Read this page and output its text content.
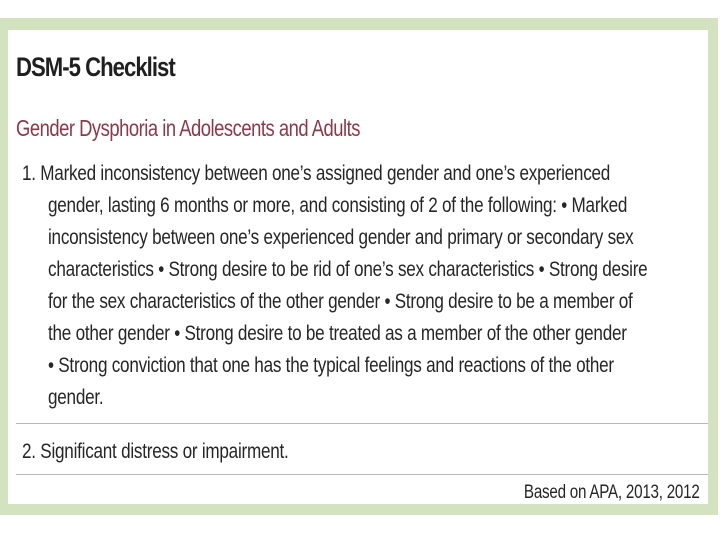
DSM-5 Checklist
Gender Dysphoria in Adolescents and Adults
1. Marked inconsistency between one’s assigned gender and one’s experienced
gender, lasting 6 months or more, and consisting of 2 of the following: • Marked
inconsistency between one’s experienced gender and primary or secondary sex
characteristics • Strong desire to be rid of one’s sex characteristics • Strong desire
for the sex characteristics of the other gender • Strong desire to be a member of
the other gender • Strong desire to be treated as a member of the other gender
• Strong conviction that one has the typical feelings and reactions of the other
gender.
2. Significant distress or impairment.
Based on APA, 2013, 2012
